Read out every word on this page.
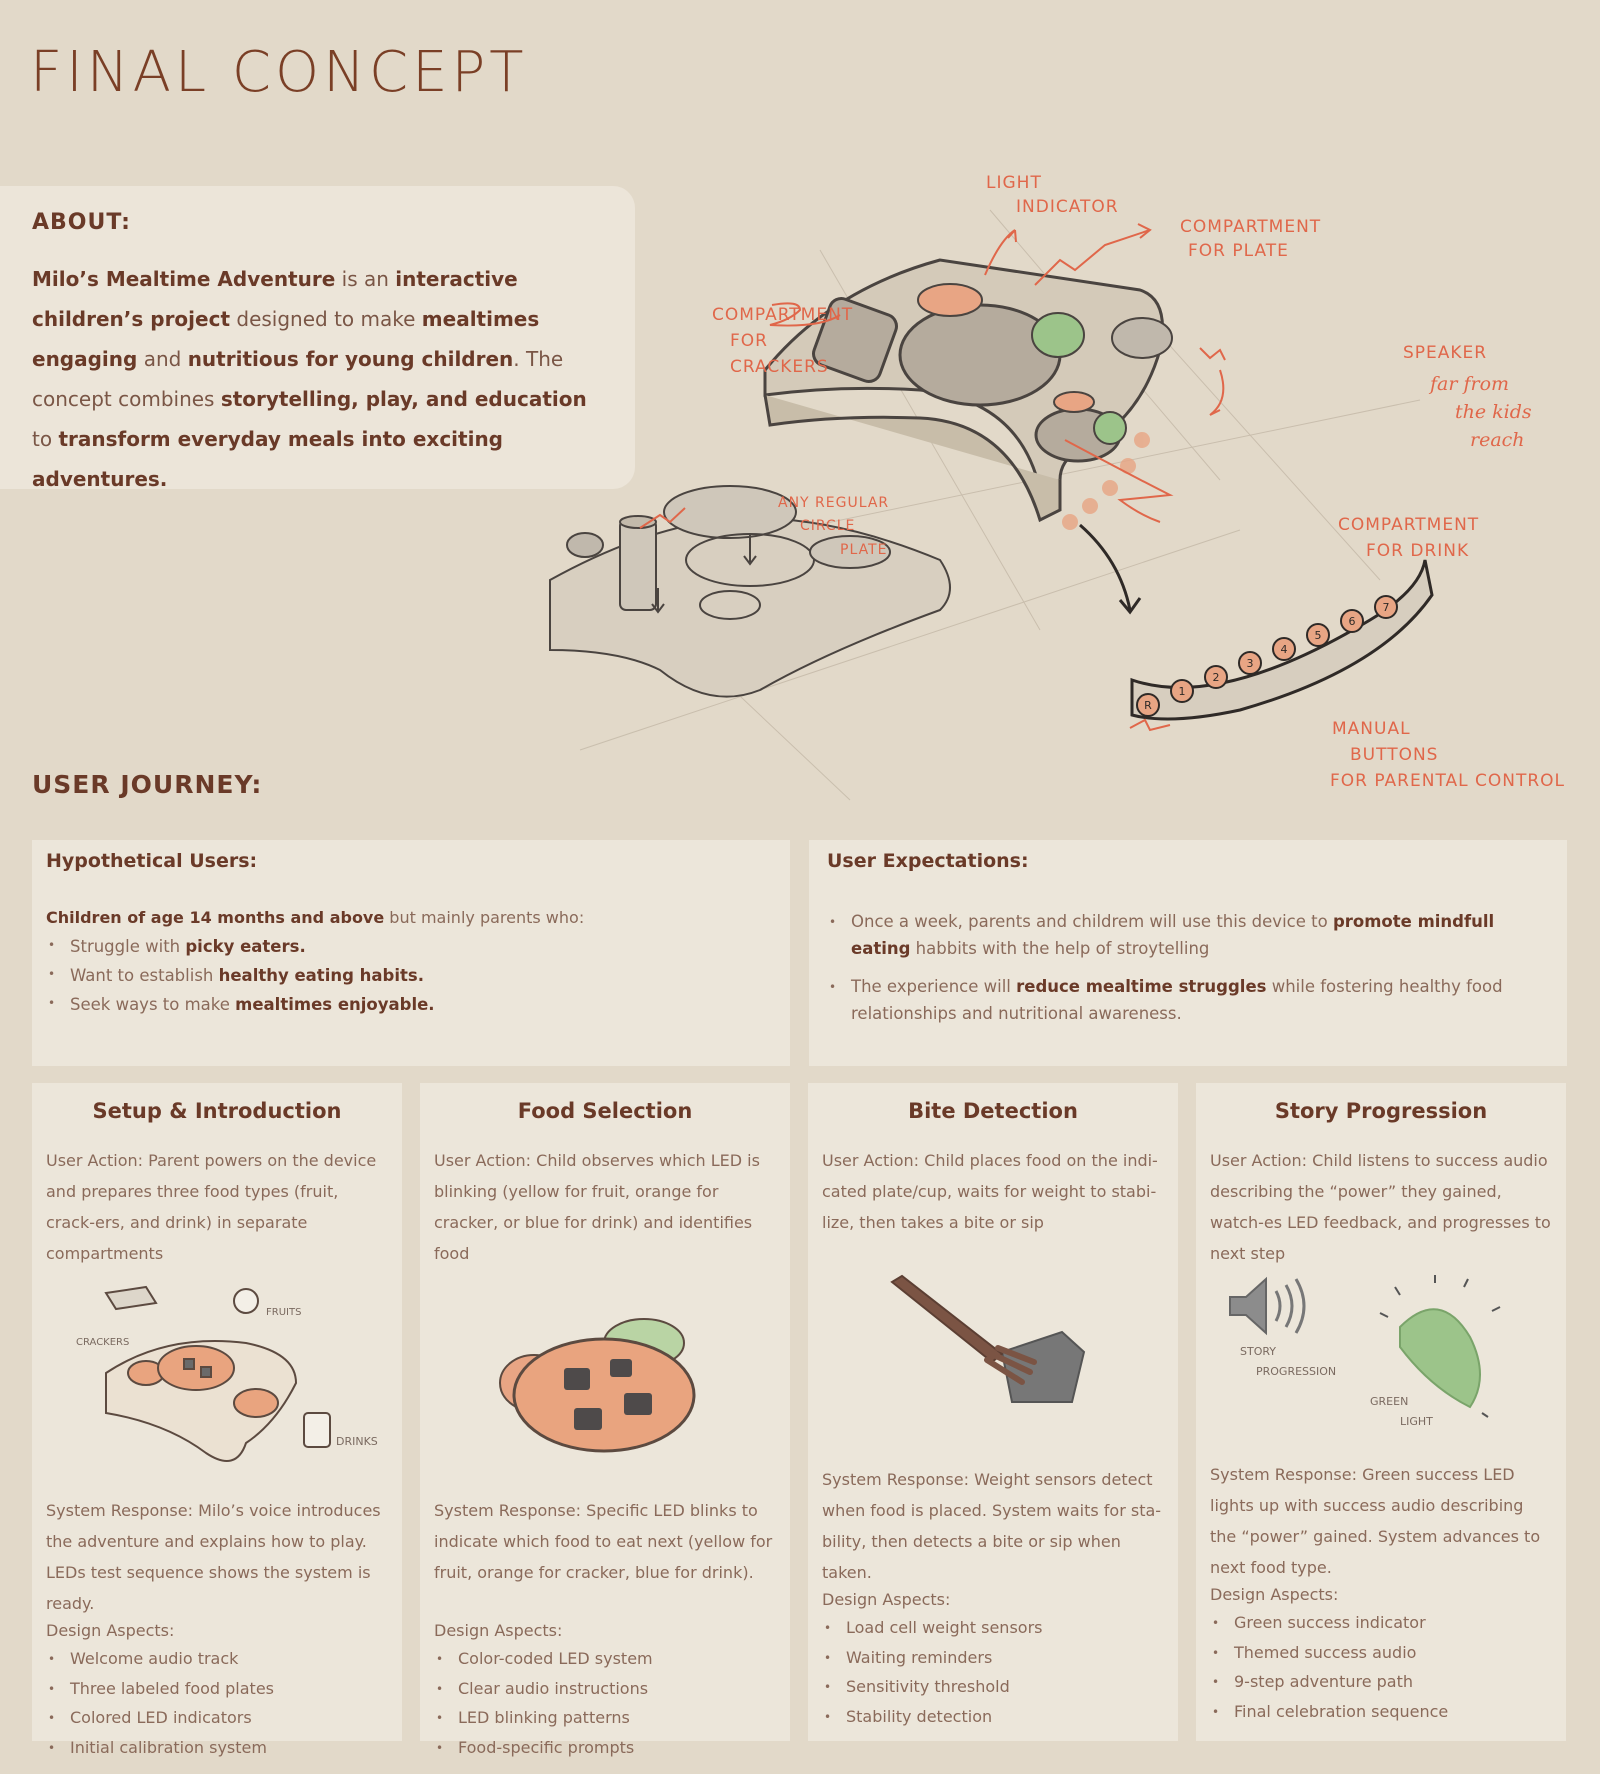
FINAL CONCEPT
ABOUT:

Milo’s Mealtime Adventure is an interactive children’s project designed to make mealtimes engaging and nutritious for young children. The concept combines storytelling, play, and education to transform everyday meals into exciting adventures.

R
1
2
3
4
5
6
7
LIGHT
INDICATOR
COMPARTMENT
FOR PLATE
COMPARTMENT
FOR
CRACKERS
SPEAKER
far from
the kids
reach
COMPARTMENT
FOR DRINK
ANY REGULAR
CIRCLE
PLATE
MANUAL
BUTTONS
FOR PARENTAL CONTROL
USER JOURNEY:
Hypothetical Users:
Children of age 14 months and above but mainly parents who:
• Struggle with picky eaters.
• Want to establish healthy eating habits.
• Seek ways to make mealtimes enjoyable.
User Expectations:
• Once a week, parents and childrem will use this device to promote mindfull eating habbits with the help of stroytelling
• The experience will reduce mealtime struggles while fostering healthy food relationships and nutritional awareness.
Setup & Introduction
User Action: Parent powers on the device and prepares three food types (fruit, crack-ers, and drink) in separate compartments
CRACKERS
FRUITS
DRINKS
System Response: Milo’s voice introduces the adventure and explains how to play. LEDs test sequence shows the system is ready.
Design Aspects:
• Welcome audio track
• Three labeled food plates
• Colored LED indicators
• Initial calibration system
Food Selection
User Action: Child observes which LED is blinking (yellow for fruit, orange for cracker, or blue for drink) and identifies food
System Response: Specific LED blinks to indicate which food to eat next (yellow for fruit, orange for cracker, blue for drink).
Design Aspects:
• Color-coded LED system
• Clear audio instructions
• LED blinking patterns
• Food-specific prompts
Bite Detection
User Action: Child places food on the indi-cated plate/cup, waits for weight to stabi-lize, then takes a bite or sip
System Response: Weight sensors detect when food is placed. System waits for sta-bility, then detects a bite or sip when taken.
Design Aspects:
• Load cell weight sensors
• Waiting reminders
• Sensitivity threshold
• Stability detection
Story Progression
User Action: Child listens to success audio describing the “power” they gained, watch-es LED feedback, and progresses to next step
STORY
PROGRESSION
GREEN
LIGHT
System Response: Green success LED lights up with success audio describing the “power” gained. System advances to next food type.
Design Aspects:
• Green success indicator
• Themed success audio
• 9-step adventure path
• Final celebration sequence
